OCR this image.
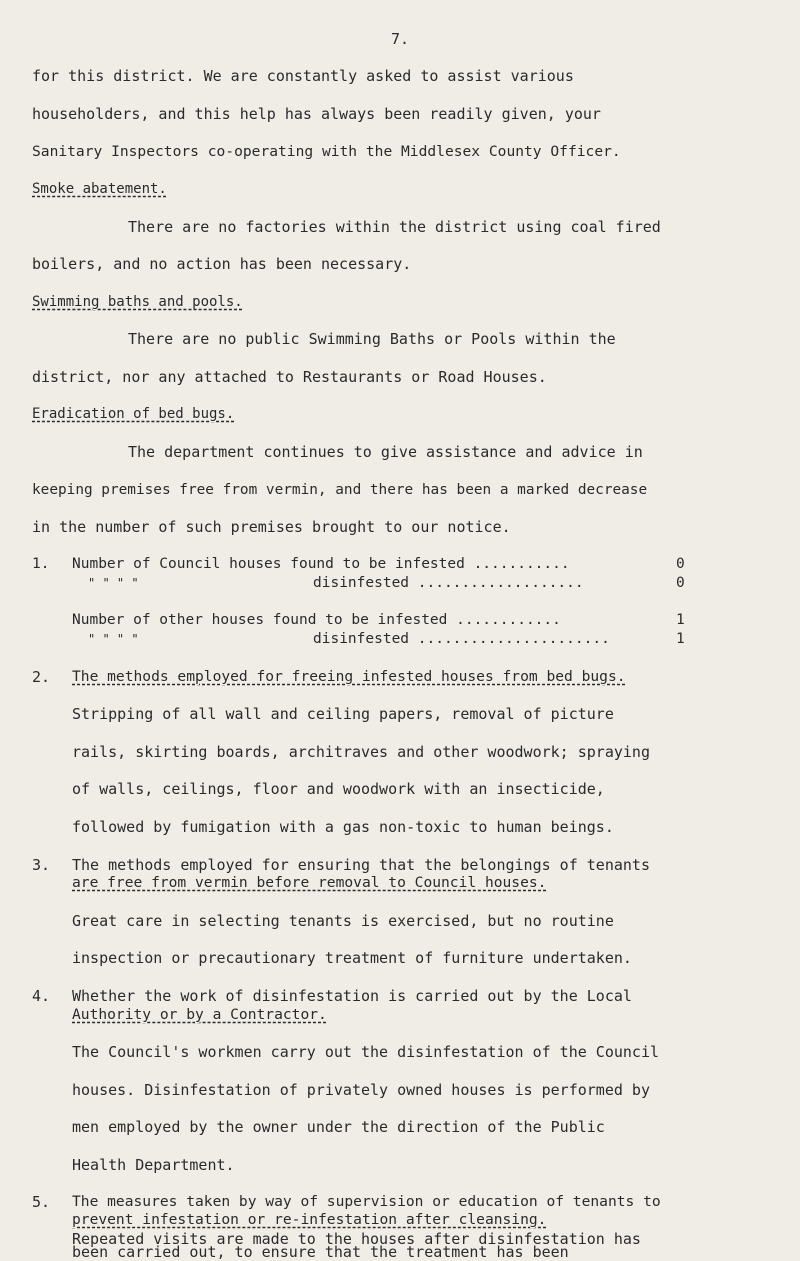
7.
for this district. We are constantly asked to assist various
householders, and this help has always been readily given, your
Sanitary Inspectors co-operating with the Middlesex County Officer.
Smoke abatement.
There are no factories within the district using coal fired
boilers, and no action has been necessary.
Swimming baths and pools.
There are no public Swimming Baths or Pools within the
district, nor any attached to Restaurants or Road Houses.
Eradication of bed bugs.
The department continues to give assistance and advice in
keeping premises free from vermin, and there has been a marked decrease
in the number of such premises brought to our notice.
1. Number of Council houses found to be infested ...........	0
" " " "	disinfested ...................	0
Number of other houses found to be infested ............	1
" " " "	disinfested ......................	1
2. The methods employed for freeing infested houses from bed bugs.
Stripping of all wall and ceiling papers, removal of picture
rails, skirting boards, architraves and other woodwork; spraying
of walls, ceilings, floor and woodwork with an insecticide,
followed by fumigation with a gas non-toxic to human beings.
3. The methods employed for ensuring that the belongings of tenants
are free from vermin before removal to Council houses.
Great care in selecting tenants is exercised, but no routine
inspection or precautionary treatment of furniture undertaken.
4. Whether the work of disinfestation is carried out by the Local
Authority or by a Contractor.
The Council's workmen carry out the disinfestation of the Council
houses. Disinfestation of privately owned houses is performed by
men employed by the owner under the direction of the Public
Health Department.
5. The measures taken by way of supervision or education of tenants to
prevent infestation or re-infestation after cleansing.
Repeated visits are made to the houses after disinfestation has
been carried out, to ensure that the treatment has been
